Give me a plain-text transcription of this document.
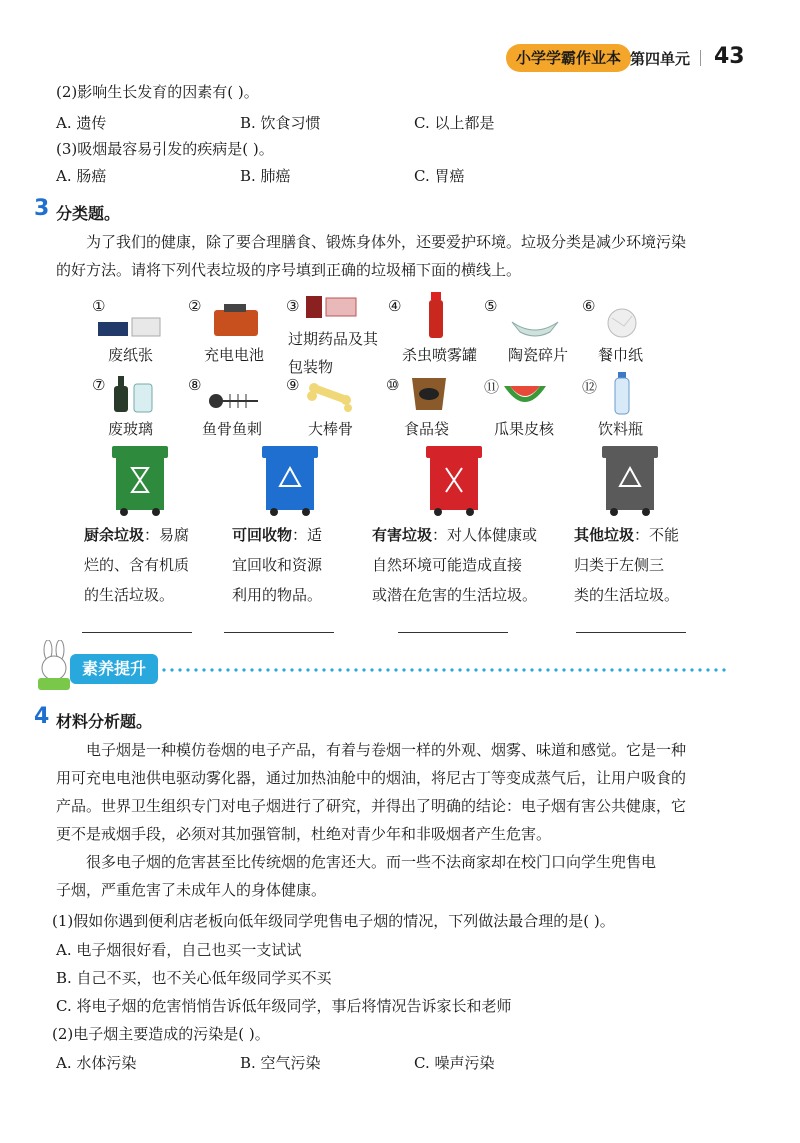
小学学霸作业本 第四单元 43
(2)影响生长发育的因素有( )。
A. 遗传	B. 饮食习惯	C. 以上都是
(3)吸烟最容易引发的疾病是( )。
A. 肠癌	B. 肺癌	C. 胃癌
3 分类题。
为了我们的健康，除了要合理膳食、锻炼身体外，还要爱护环境。垃圾分类是减少环境污染
的好方法。请将下列代表垃圾的序号填到正确的垃圾桶下面的横线上。
①
废纸张
②
充电电池
③
过期药品及其
包装物
④
杀虫喷雾罐
⑤
陶瓷碎片
⑥
餐巾纸
⑦
废玻璃
⑧
鱼骨鱼刺
⑨
大棒骨
⑩
食品袋
⑪
瓜果皮核
⑫
饮料瓶
厨余垃圾：易腐
烂的、含有机质
的生活垃圾。
可回收物：适
宜回收和资源
利用的物品。
有害垃圾：对人体健康或
自然环境可能造成直接
或潜在危害的生活垃圾。
其他垃圾：不能
归类于左侧三
类的生活垃圾。
素养提升
4 材料分析题。
电子烟是一种模仿卷烟的电子产品，有着与卷烟一样的外观、烟雾、味道和感觉。它是一种
用可充电电池供电驱动雾化器，通过加热油舱中的烟油，将尼古丁等变成蒸气后，让用户吸食的
产品。世界卫生组织专门对电子烟进行了研究，并得出了明确的结论：电子烟有害公共健康，它
更不是戒烟手段，必须对其加强管制，杜绝对青少年和非吸烟者产生危害。
很多电子烟的危害甚至比传统烟的危害还大。而一些不法商家却在校门口向学生兜售电
子烟，严重危害了未成年人的身体健康。
(1)假如你遇到便利店老板向低年级同学兜售电子烟的情况，下列做法最合理的是( )。
A. 电子烟很好看，自己也买一支试试
B. 自己不买，也不关心低年级同学买不买
C. 将电子烟的危害悄悄告诉低年级同学，事后将情况告诉家长和老师
(2)电子烟主要造成的污染是( )。
A. 水体污染	B. 空气污染	C. 噪声污染
